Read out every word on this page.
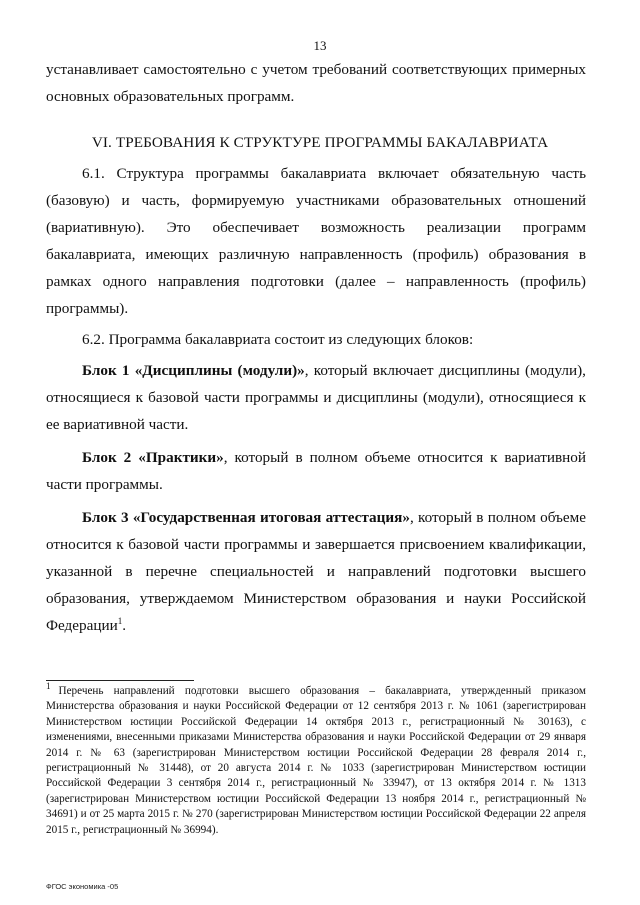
13

устанавливает самостоятельно с учетом требований соответствующих примерных основных образовательных программ.

VI. ТРЕБОВАНИЯ К СТРУКТУРЕ ПРОГРАММЫ БАКАЛАВРИАТА

6.1. Структура программы бакалавриата включает обязательную часть (базовую) и часть, формируемую участниками образовательных отношений (вариативную). Это обеспечивает возможность реализации программ бакалавриата, имеющих различную направленность (профиль) образования в рамках одного направления подготовки (далее – направленность (профиль) программы).

6.2. Программа бакалавриата состоит из следующих блоков:

Блок 1 «Дисциплины (модули)», который включает дисциплины (модули), относящиеся к базовой части программы и дисциплины (модули), относящиеся к ее вариативной части.

Блок 2 «Практики», который в полном объеме относится к вариативной части программы.

Блок 3 «Государственная итоговая аттестация», который в полном объеме относится к базовой части программы и завершается присвоением квалификации, указанной в перечне специальностей и направлений подготовки высшего образования, утверждаемом Министерством образования и науки Российской Федерации$^1$.

$^1$ Перечень направлений подготовки высшего образования – бакалавриата, утвержденный приказом Министерства образования и науки Российской Федерации от 12 сентября 2013 г. № 1061 (зарегистрирован Министерством юстиции Российской Федерации 14 октября 2013 г., регистрационный № 30163), с изменениями, внесенными приказами Министерства образования и науки Российской Федерации от 29 января 2014 г. № 63 (зарегистрирован Министерством юстиции Российской Федерации 28 февраля 2014 г., регистрационный № 31448), от 20 августа 2014 г. № 1033 (зарегистрирован Министерством юстиции Российской Федерации 3 сентября 2014 г., регистрационный № 33947), от 13 октября 2014 г. № 1313 (зарегистрирован Министерством юстиции Российской Федерации 13 ноября 2014 г., регистрационный № 34691) и от 25 марта 2015 г. № 270 (зарегистрирован Министерством юстиции Российской Федерации 22 апреля 2015 г., регистрационный № 36994).
ФГОС экономика -05
